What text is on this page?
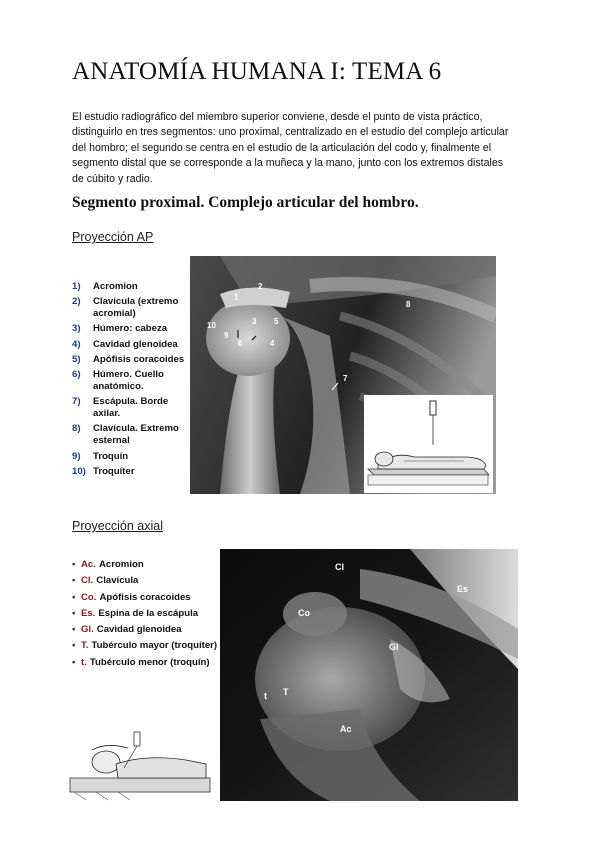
ANATOMÍA HUMANA I: TEMA 6

El estudio radiográfico del miembro superior conviene, desde el punto de vista práctico, distinguirlo en tres segmentos: uno proximal, centralizado en el estudio del complejo articular del hombro; el segundo se centra en el estudio de la articulación del codo y, finalmente el segmento distal que se corresponde a la muñeca y la mano, junto con los extremos distales de cúbito y radio.

Segmento proximal. Complejo articular del hombro.

Proyección AP

1)	Acromion
2)	Clavícula (extremo acromial)
3)	Húmero: cabeza
4)	Cavidad glenoidea
5)	Apófisis coracoides
6)	Húmero. Cuello anatómico.
7)	Escápula. Borde axilar.
8)	Clavícula. Extremo esternal
9)	Troquín
10) Troquíter
1
2
3
4
5
6
7
8
9
10

Proyección axial

▪ Ac. Acromion
▪ Cl. Clavícula
▪ Co. Apófisis coracoides
▪ Es. Espina de la escápula
▪ Gl. Cavidad glenoidea
▪ T. Tubérculo mayor (troquíter)
▪ t. Tubérculo menor (troquín)
Cl
Es
Co
Gl
t T
Ac
